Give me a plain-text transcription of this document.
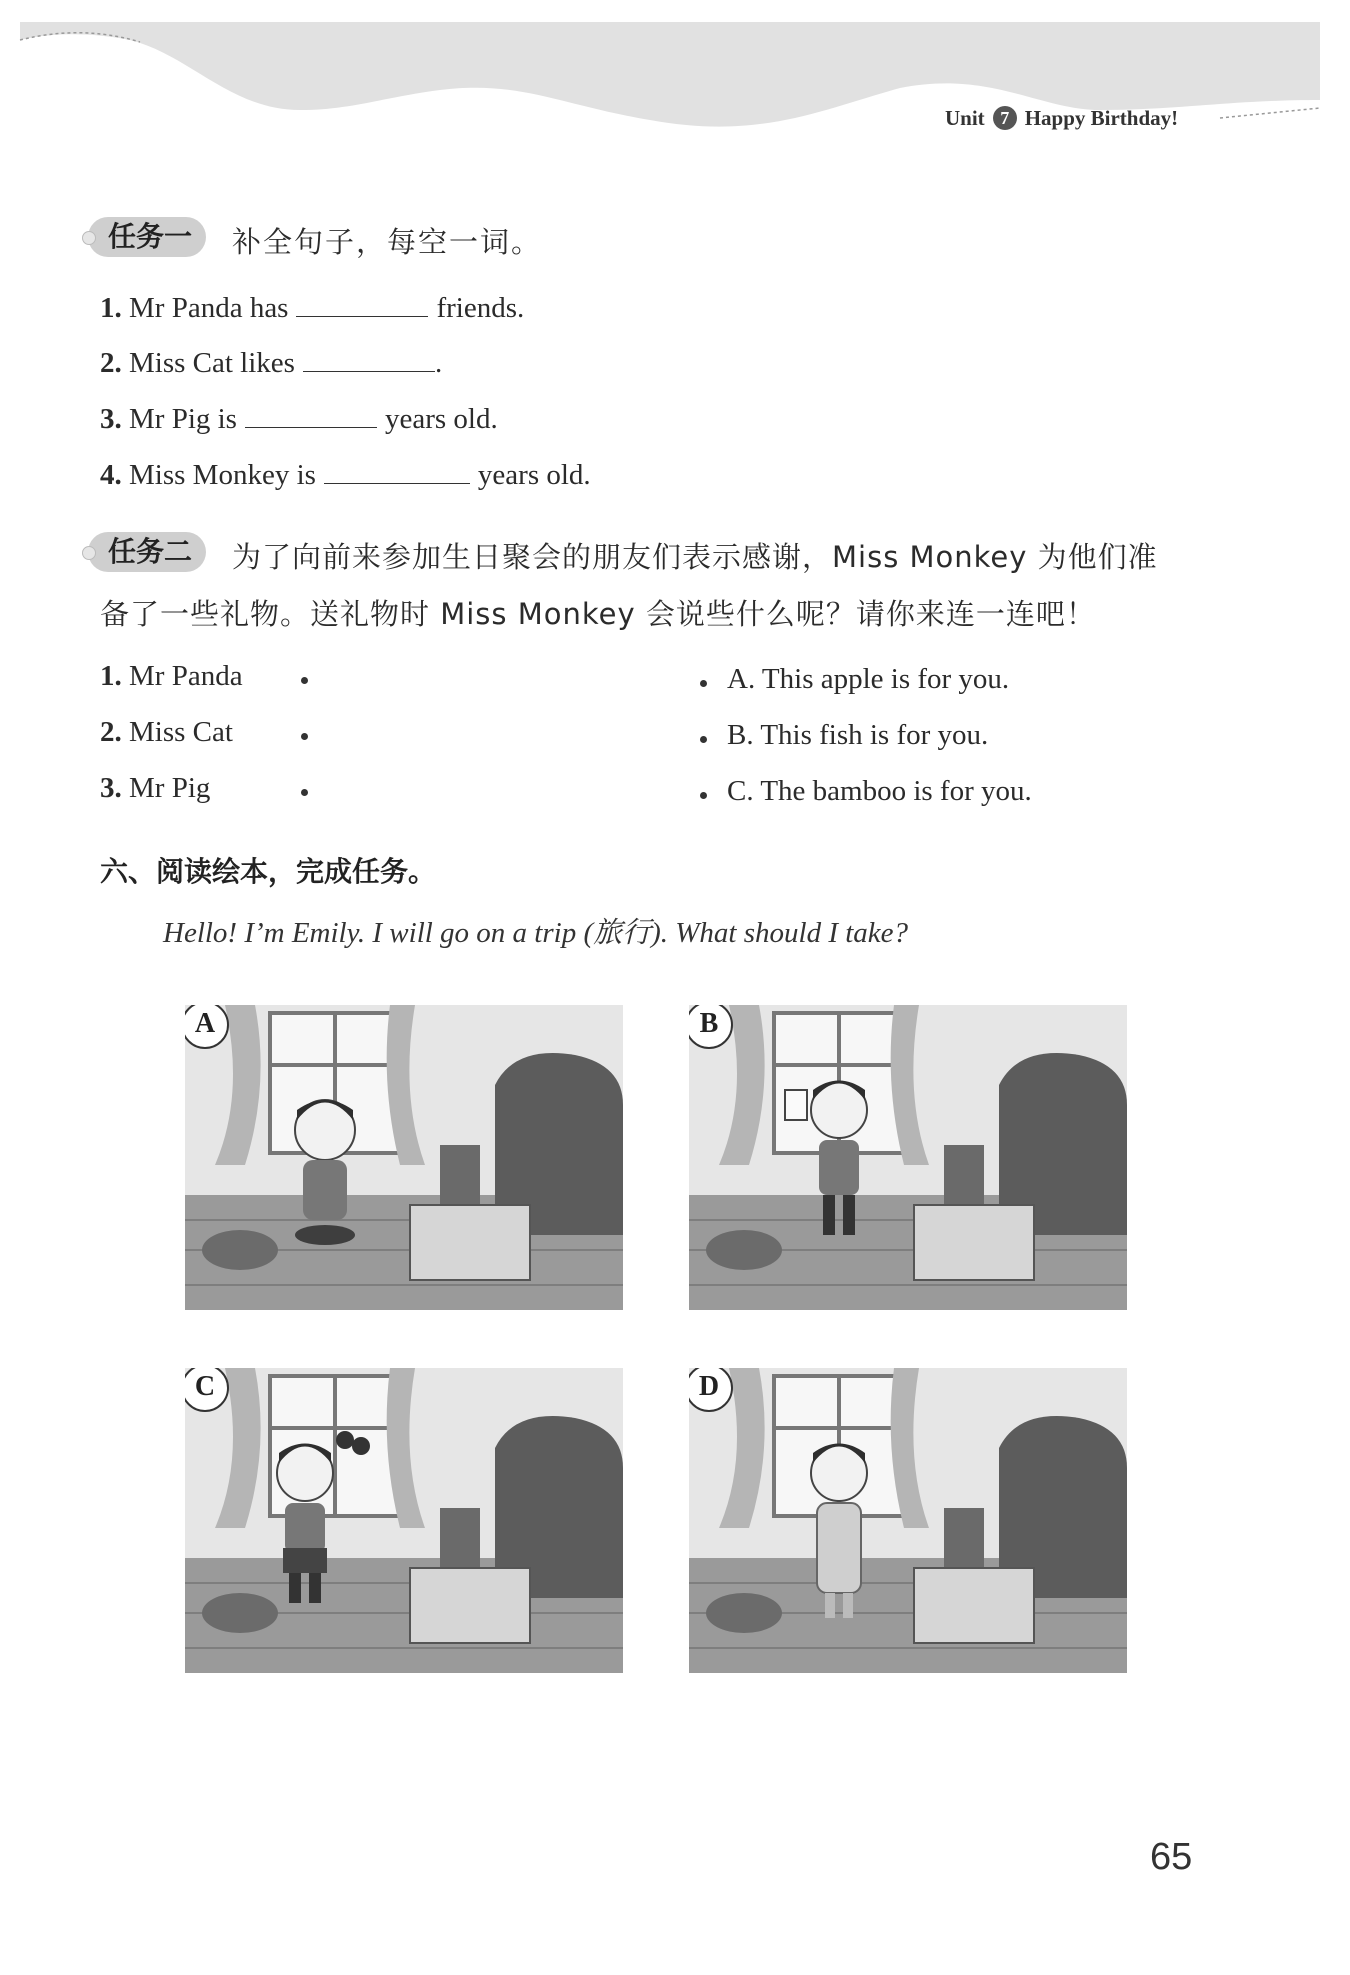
Unit 7 Happy Birthday!
任务一	补全句子，每空一词。
1. Mr Panda has	friends.
2. Miss Cat likes	.
3. Mr Pig is	years old.
4. Miss Monkey is	years old.
任务二	为了向前来参加生日聚会的朋友们表示感谢，Miss Monkey 为他们准
备了一些礼物。送礼物时 Miss Monkey 会说些什么呢？请你来连一连吧！
1. Mr Panda
2. Miss Cat
3. Mr Pig
A. This apple is for you.
B. This fish is for you.
C. The bamboo is for you.
六、阅读绘本，完成任务。
Hello! I’m Emily. I will go on a trip (旅行). What should I take?
A	B
C	D
65
